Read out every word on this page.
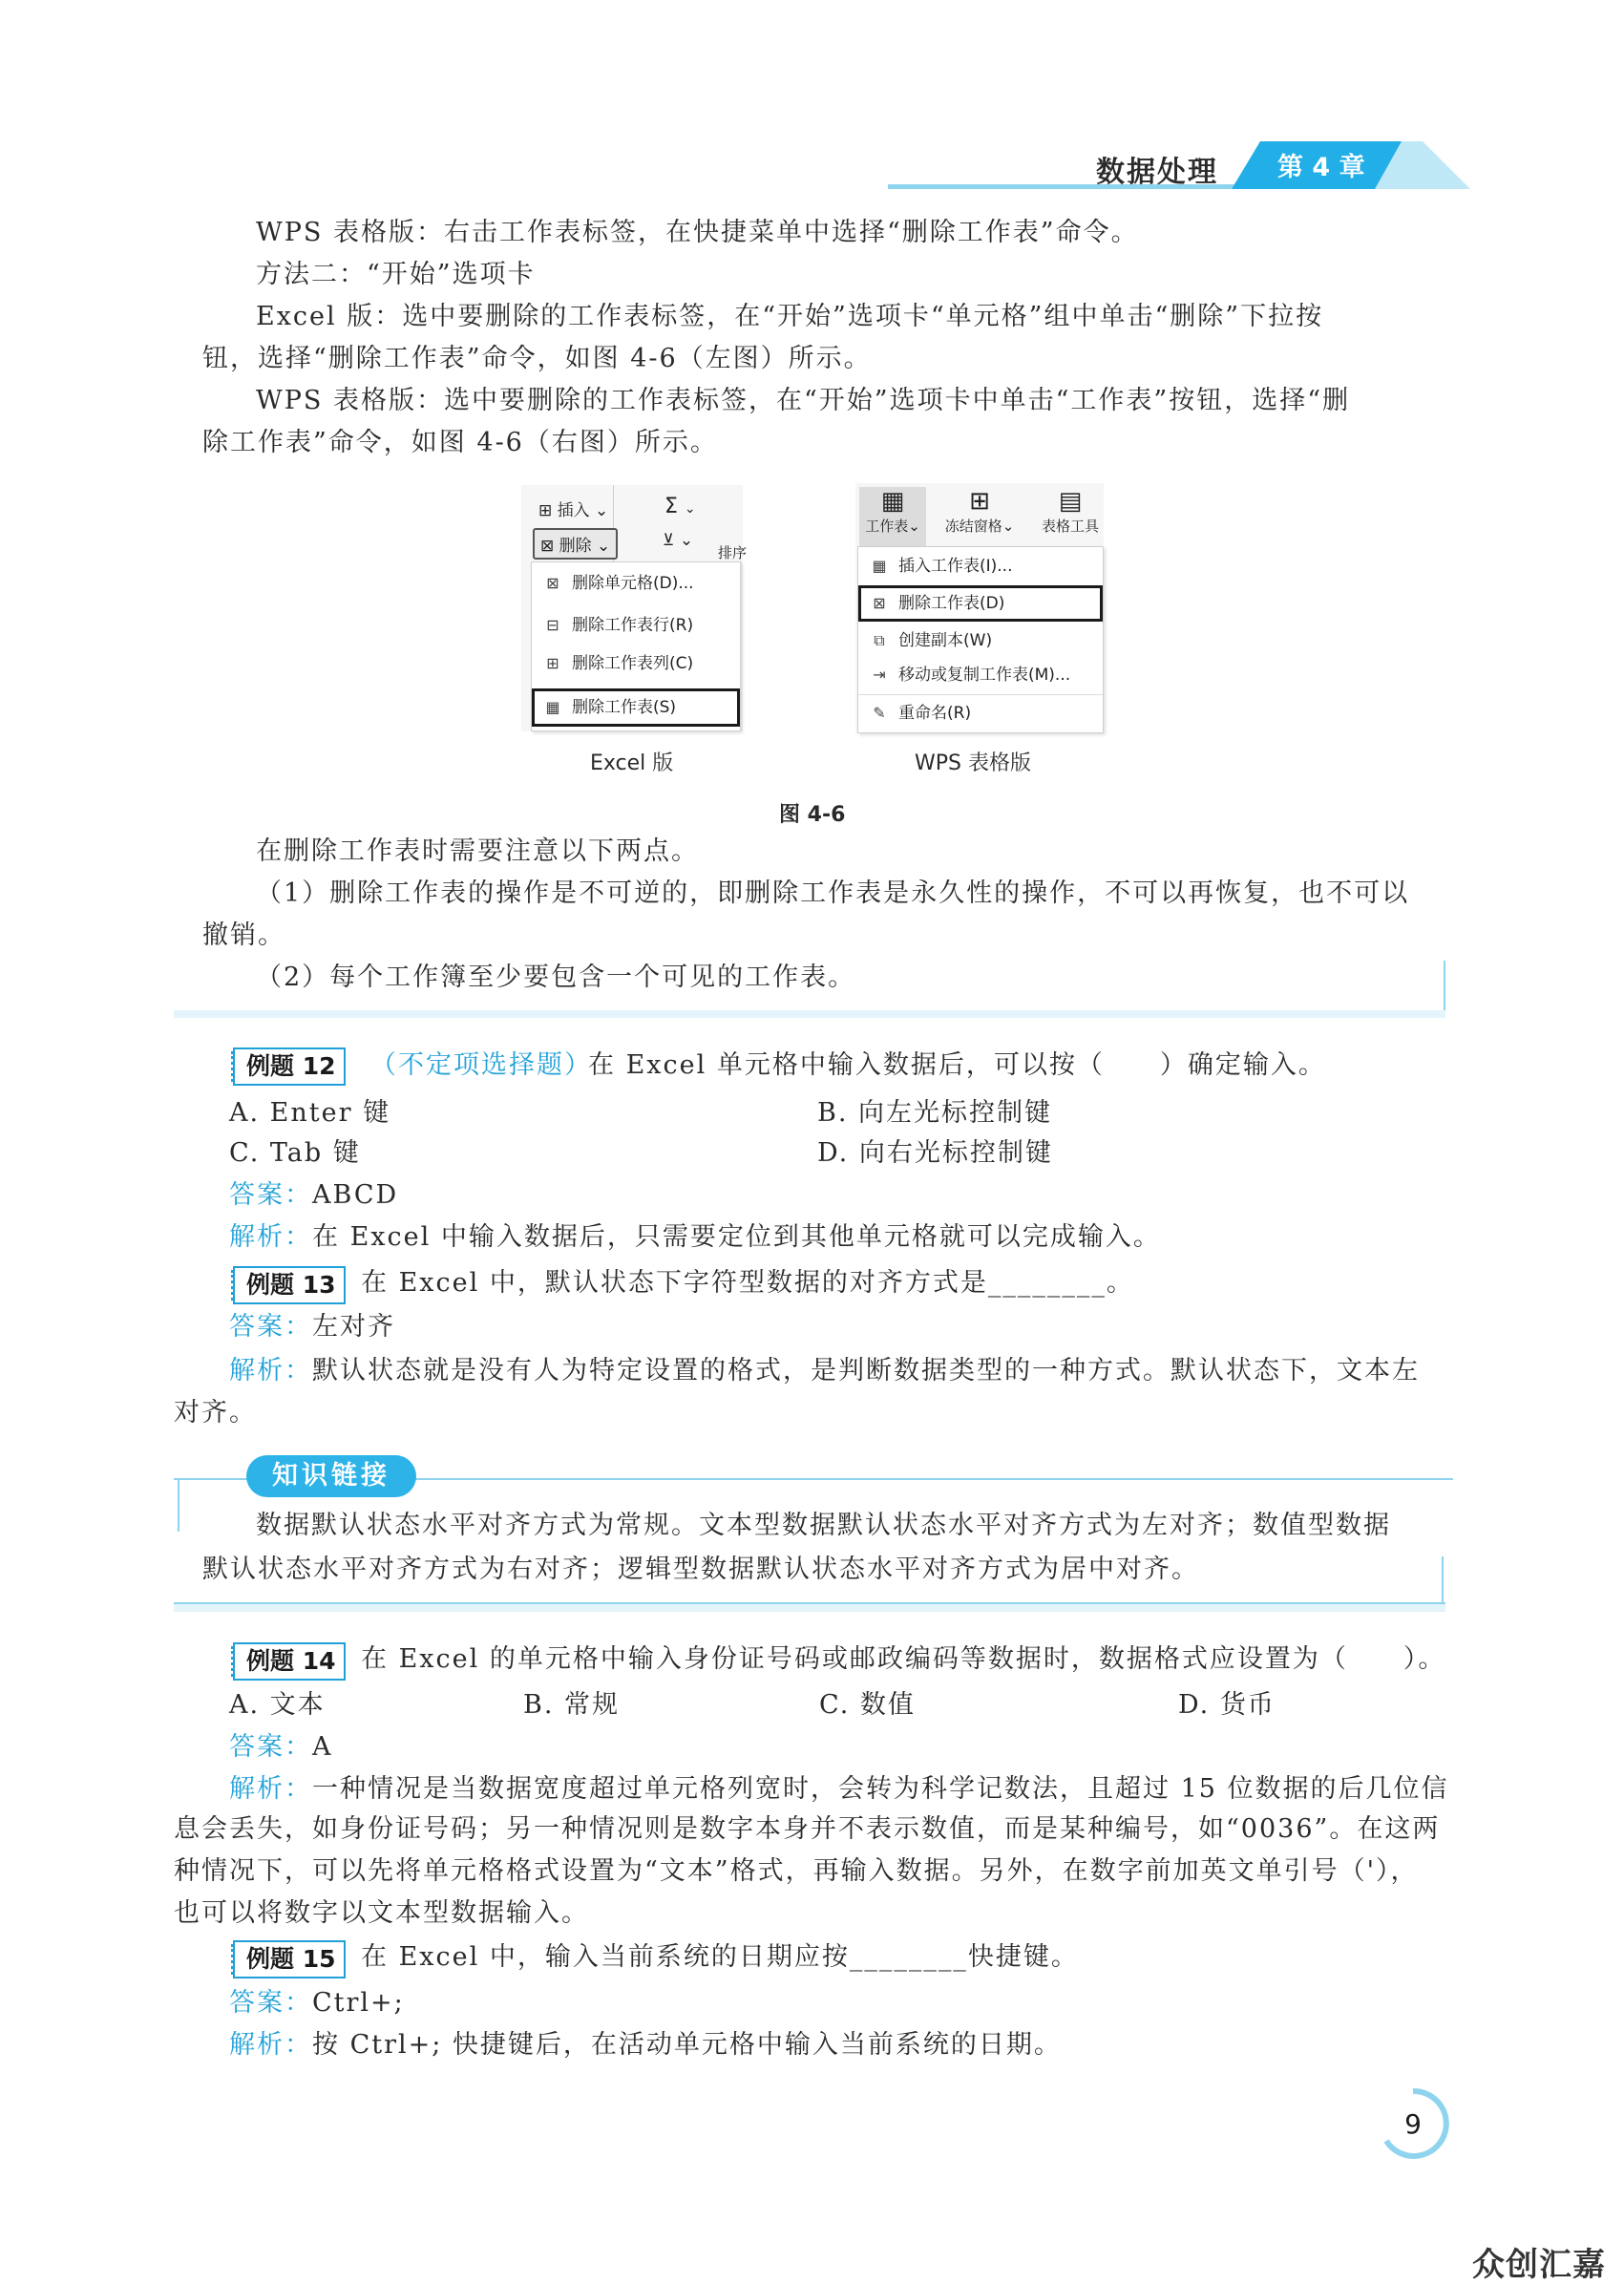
数据处理 第 4 章
WPS 表格版：右击工作表标签，在快捷菜单中选择“删除工作表”命令。
方法二：“开始”选项卡
Excel 版：选中要删除的工作表标签，在“开始”选项卡“单元格”组中单击“删除”下拉按
钮，选择“删除工作表”命令，如图 4-6（左图）所示。
WPS 表格版：选中要删除的工作表标签，在“开始”选项卡中单击“工作表”按钮，选择“删
除工作表”命令，如图 4-6（右图）所示。
⊞ 插入 ⌄	Σ ⌄
⊠ 删除 ⌄	⊻ ⌄
排序
⊠ 删除单元格(D)...
⊟ 删除工作表行(R)
⊞ 删除工作表列(C)
▦ 删除工作表(S)
Excel 版
▦
工作表⌄
⊞
冻结窗格⌄
▤
表格工具
▦ 插入工作表(I)...
⊠ 删除工作表(D)
⧉ 创建副本(W)
⇥ 移动或复制工作表(M)...
✎ 重命名(R)
WPS 表格版
图 4-6
在删除工作表时需要注意以下两点。
（1）删除工作表的操作是不可逆的，即删除工作表是永久性的操作，不可以再恢复，也不可以
撤销。
（2）每个工作簿至少要包含一个可见的工作表。
例题 12	（不定项选择题）
在 Excel 单元格中输入数据后，可以按（　　）确定输入。
A. Enter 键	B. 向左光标控制键
C. Tab 键	D. 向右光标控制键
答案：ABCD
解析：在 Excel 中输入数据后，只需要定位到其他单元格就可以完成输入。
例题 13 在 Excel 中，默认状态下字符型数据的对齐方式是________。
答案：左对齐
解析：默认状态就是没有人为特定设置的格式，是判断数据类型的一种方式。默认状态下，文本左
对齐。
知识链接
数据默认状态水平对齐方式为常规。文本型数据默认状态水平对齐方式为左对齐；数值型数据
默认状态水平对齐方式为右对齐；逻辑型数据默认状态水平对齐方式为居中对齐。
例题 14 在 Excel 的单元格中输入身份证号码或邮政编码等数据时，数据格式应设置为（　　）。
A. 文本	B. 常规	C. 数值	D. 货币
答案：A
解析：一种情况是当数据宽度超过单元格列宽时，会转为科学记数法，且超过 15 位数据的后几位信
息会丢失，如身份证号码；另一种情况则是数字本身并不表示数值，而是某种编号，如“0036”。在这两
种情况下，可以先将单元格格式设置为“文本”格式，再输入数据。另外，在数字前加英文单引号（'），
也可以将数字以文本型数据输入。
例题 15 在 Excel 中，输入当前系统的日期应按________快捷键。
答案：Ctrl+;
解析：按 Ctrl+; 快捷键后，在活动单元格中输入当前系统的日期。
9
众创汇嘉
